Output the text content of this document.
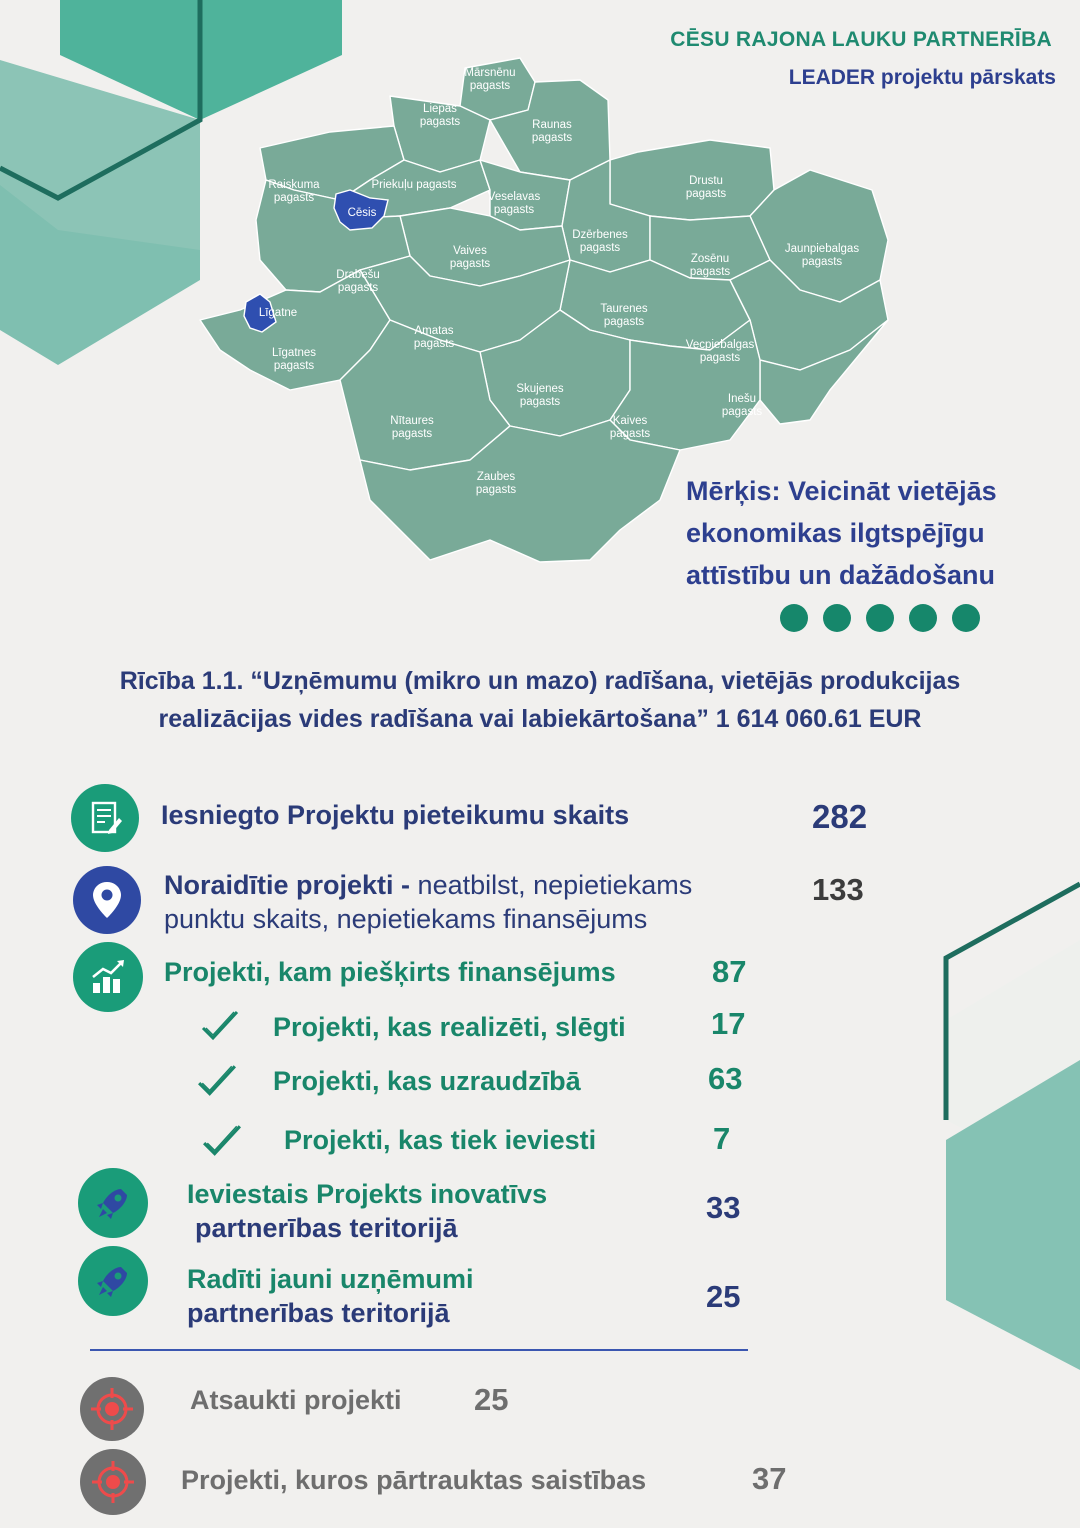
CĒSU RAJONA LAUKU PARTNERĪBA
LEADER projektu pārskats
Mārsnēnu pagasts
Liepas pagasts	Raunas pagasts
Raiskuma pagasts
Priekuļu pagasts
Cēsis
Veselavas pagasts
Drustu pagasts
Dzērbenes pagasts	Jaunpiebalgas pagasts
Vaives pagasts	Zosēnu pagasts
Drabešu pagasts
Līgatne	Taurenes pagasts
Amatas pagasts
Līgatnes pagasts
Vecpiebalgas pagasts
Skujenes pagasts	Inešu pagasts
Nītaures pagasts
Kaives pagasts
Zaubes pagasts	Mērķis: Veicināt vietējās
ekonomikas ilgtspējīgu
attīstību un dažādošanu
Rīcība 1.1. “Uzņēmumu (mikro un mazo) radīšana, vietējās produkcijas
realizācijas vides radīšana vai labiekārtošana” 1 614 060.61 EUR
Iesniegto Projektu pieteikumu skaits	282
Noraidītie projekti - neatbilst, nepietiekams
punktu skaits, nepietiekams finansējums
133
Projekti, kam piešķirts finansējums	87
Projekti, kas realizēti, slēgti	17
Projekti, kas uzraudzībā	63
Projekti, kas tiek ieviesti	7
Ieviestais Projekts inovatīvs
partnerības teritorijā
33
Radīti jauni uzņēmumi
partnerības teritorijā	25
Atsaukti projekti 25
Projekti, kuros pārtrauktas saistības	37
